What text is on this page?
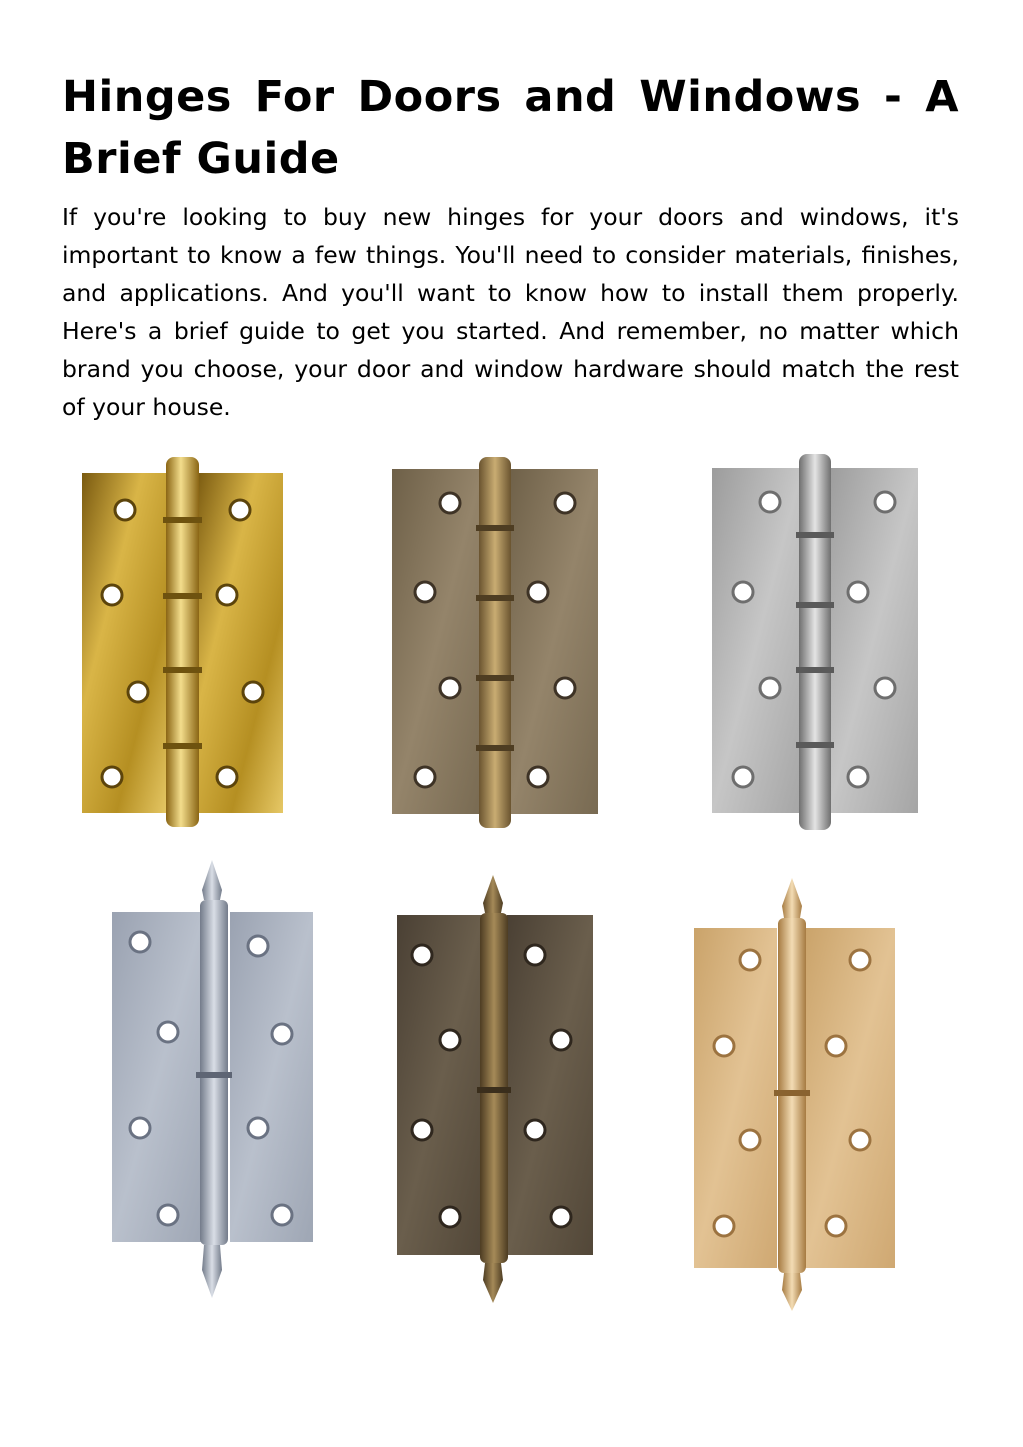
Hinges For Doors and Windows - A Brief Guide

If you're looking to buy new hinges for your doors and windows, it's important to know a few things. You'll need to consider materials, finishes, and applications. And you'll want to know how to install them properly. Here's a brief guide to get you started. And remember, no matter which brand you choose, your door and window hardware should match the rest of your house.
